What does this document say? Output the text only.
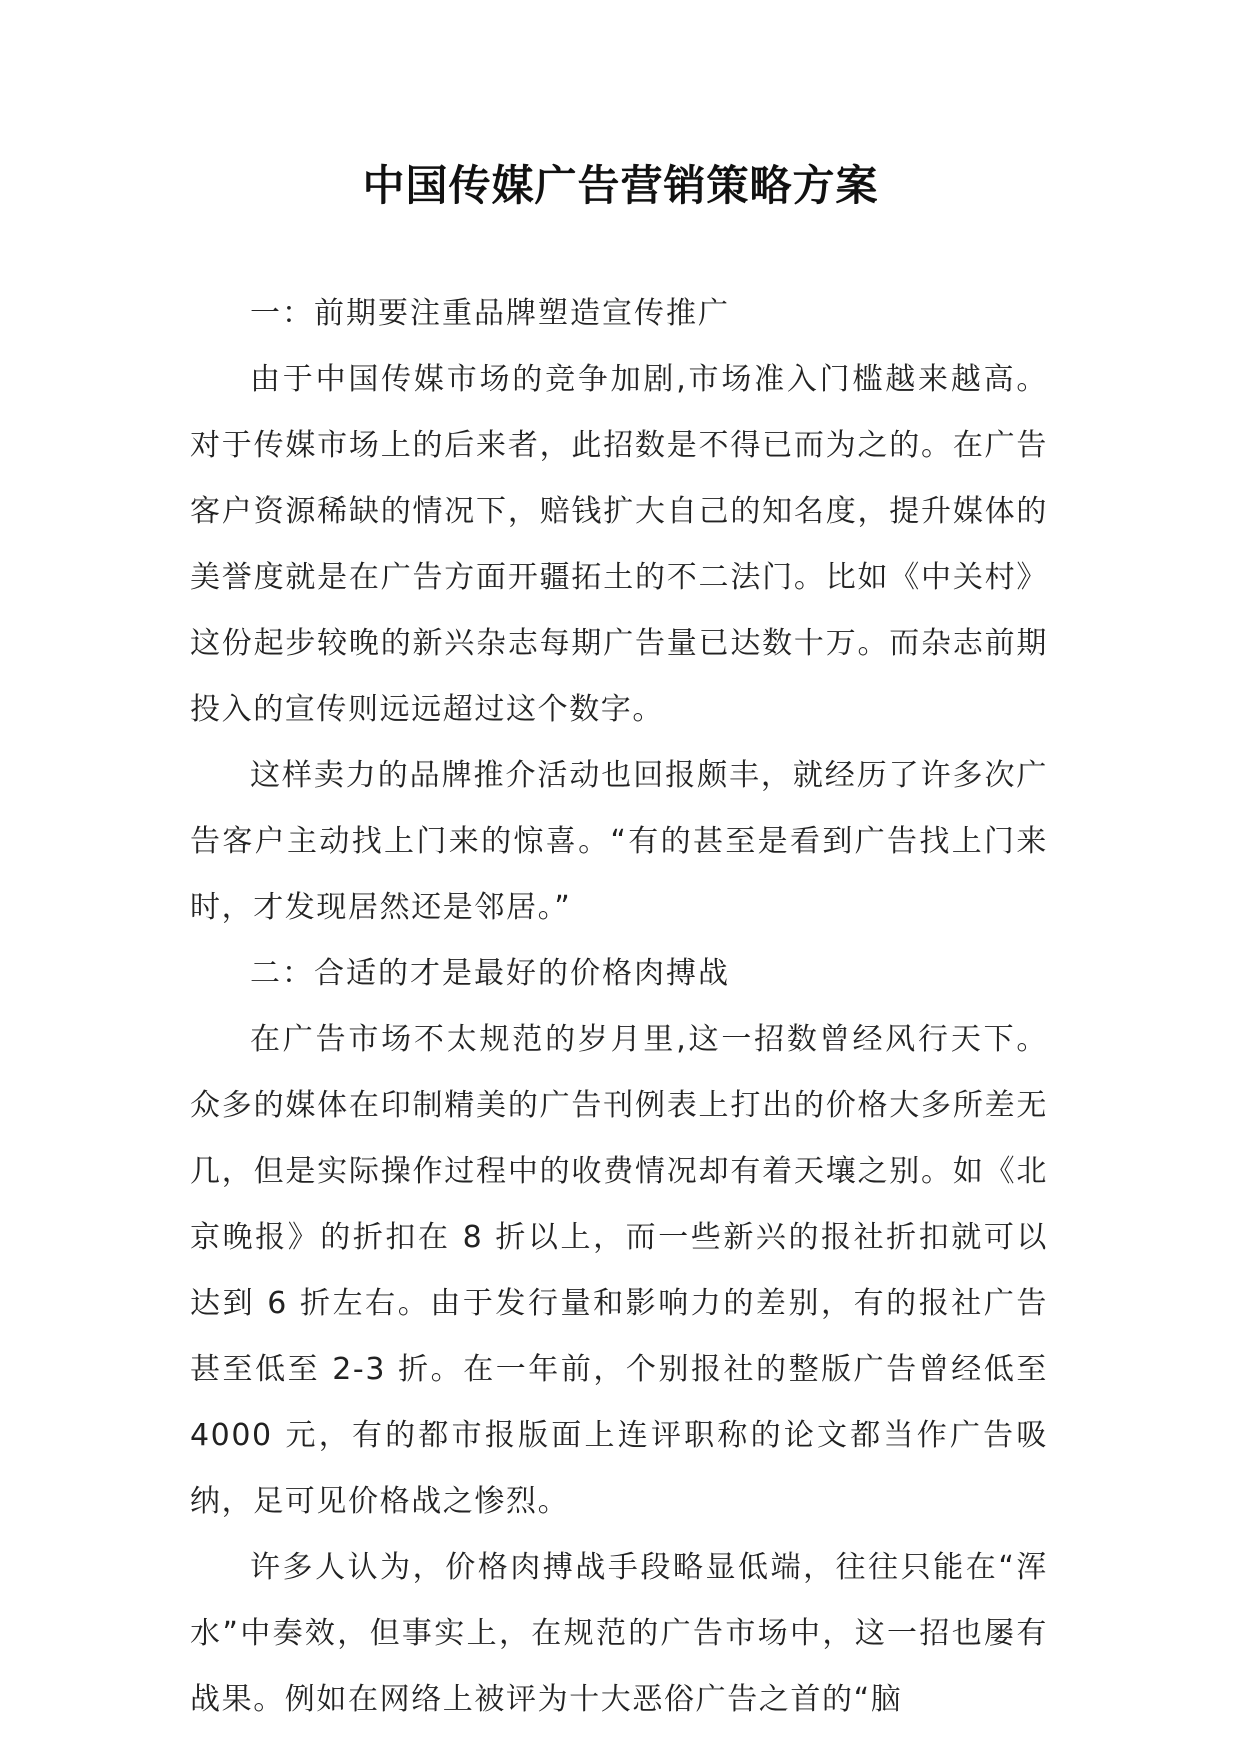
中国传媒广告营销策略方案

一：前期要注重品牌塑造宣传推广

由于中国传媒市场的竞争加剧,市场准入门槛越来越高。对于传媒市场上的后来者，此招数是不得已而为之的。在广告客户资源稀缺的情况下，赔钱扩大自己的知名度，提升媒体的美誉度就是在广告方面开疆拓土的不二法门。比如《中关村》这份起步较晚的新兴杂志每期广告量已达数十万。而杂志前期投入的宣传则远远超过这个数字。

这样卖力的品牌推介活动也回报颇丰，就经历了许多次广告客户主动找上门来的惊喜。“有的甚至是看到广告找上门来时，才发现居然还是邻居。”

二：合适的才是最好的价格肉搏战

在广告市场不太规范的岁月里,这一招数曾经风行天下。众多的媒体在印制精美的广告刊例表上打出的价格大多所差无几，但是实际操作过程中的收费情况却有着天壤之别。如《北京晚报》的折扣在 8 折以上，而一些新兴的报社折扣就可以达到 6 折左右。由于发行量和影响力的差别，有的报社广告甚至低至 2-3 折。在一年前，个别报社的整版广告曾经低至 4000 元，有的都市报版面上连评职称的论文都当作广告吸纳，足可见价格战之惨烈。

许多人认为，价格肉搏战手段略显低端，往往只能在“浑水”中奏效，但事实上，在规范的广告市场中，这一招也屡有战果。例如在网络上被评为十大恶俗广告之首的“脑
